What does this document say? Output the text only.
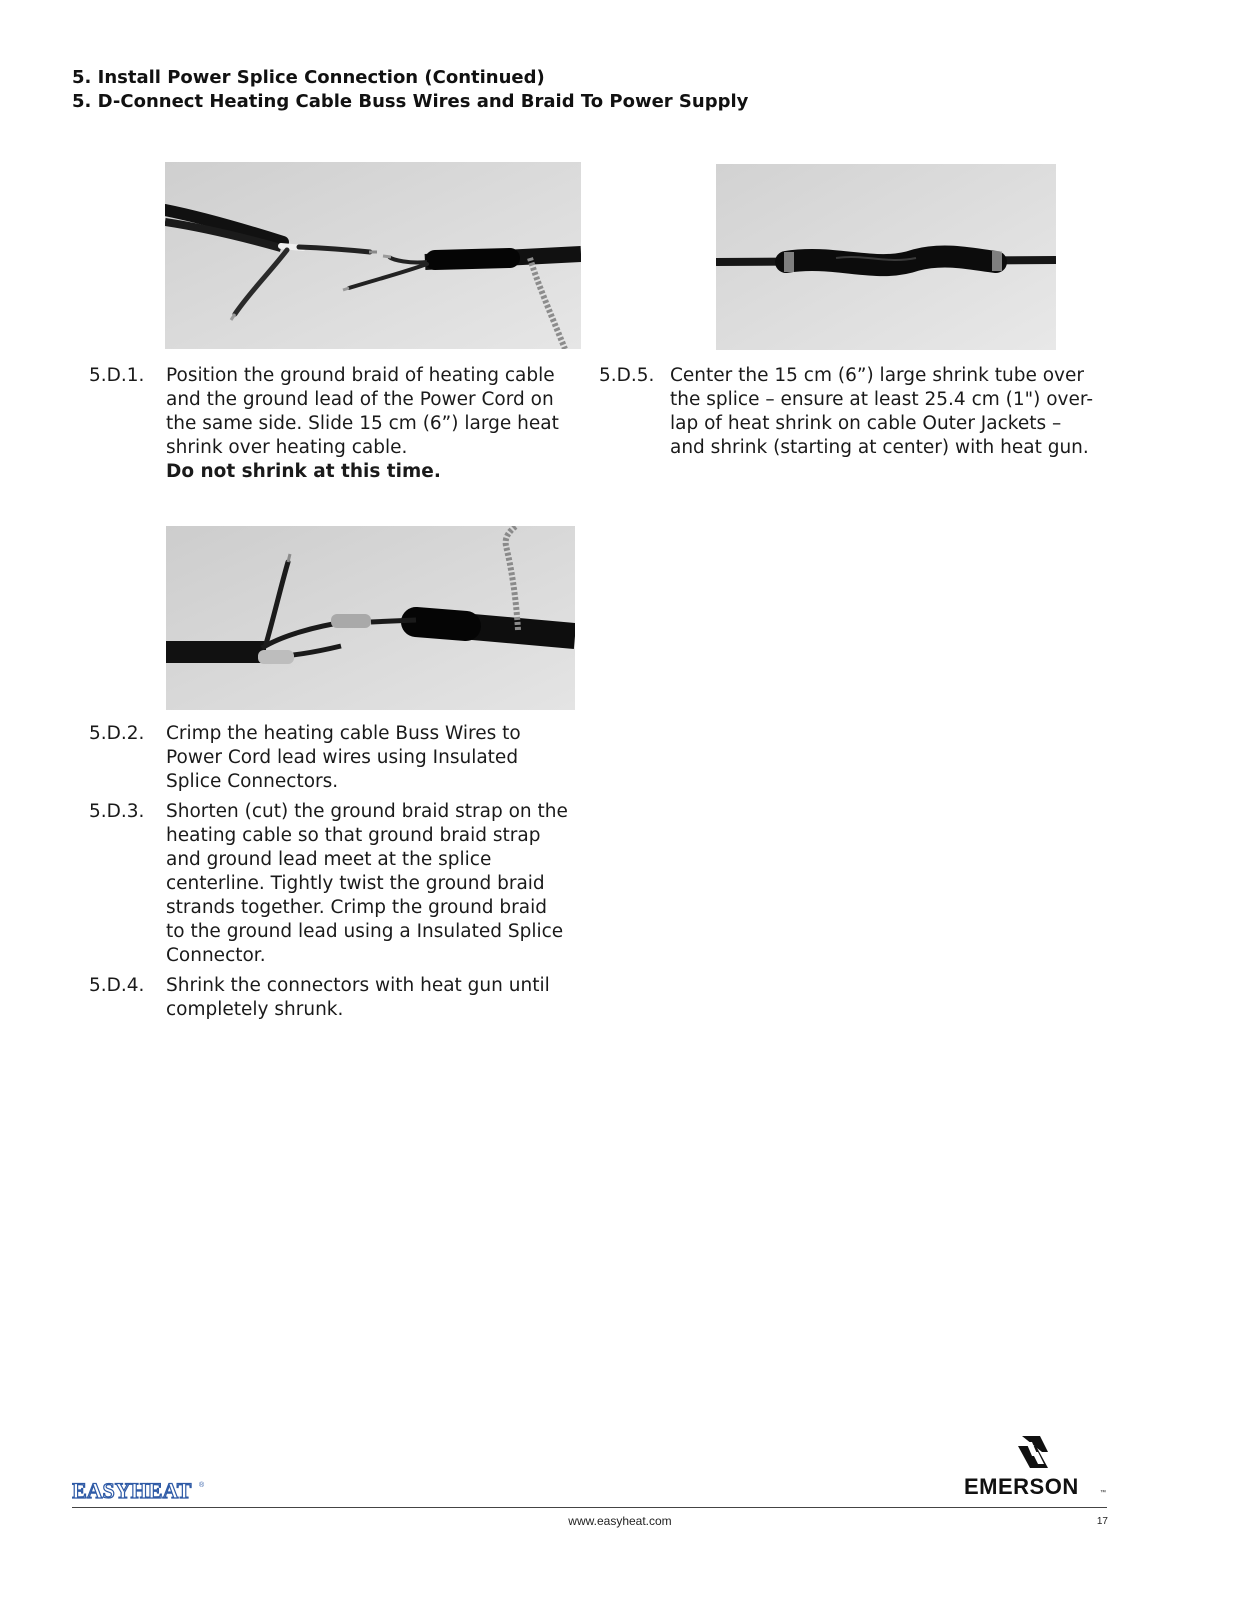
5. Install Power Splice Connection (Continued)
5. D-Connect Heating Cable Buss Wires and Braid To Power Supply
5.D.1. Position the ground braid of heating cable
and the ground lead of the Power Cord on
the same side. Slide 15 cm (6”) large heat
shrink over heating cable.
Do not shrink at this time.
5.D.5. Center the 15 cm (6”) large shrink tube over
the splice – ensure at least 25.4 cm (1") over-
lap of heat shrink on cable Outer Jackets –
and shrink (starting at center) with heat gun.
5.D.2. Crimp the heating cable Buss Wires to
Power Cord lead wires using Insulated
Splice Connectors.
5.D.3. Shorten (cut) the ground braid strap on the
heating cable so that ground braid strap
and ground lead meet at the splice
centerline. Tightly twist the ground braid
strands together. Crimp the ground braid
to the ground lead using a Insulated Splice
Connector.
5.D.4. Shrink the connectors with heat gun until
completely shrunk.
EASYHEAT ®	EMERSON	™
www.easyheat.com	17
